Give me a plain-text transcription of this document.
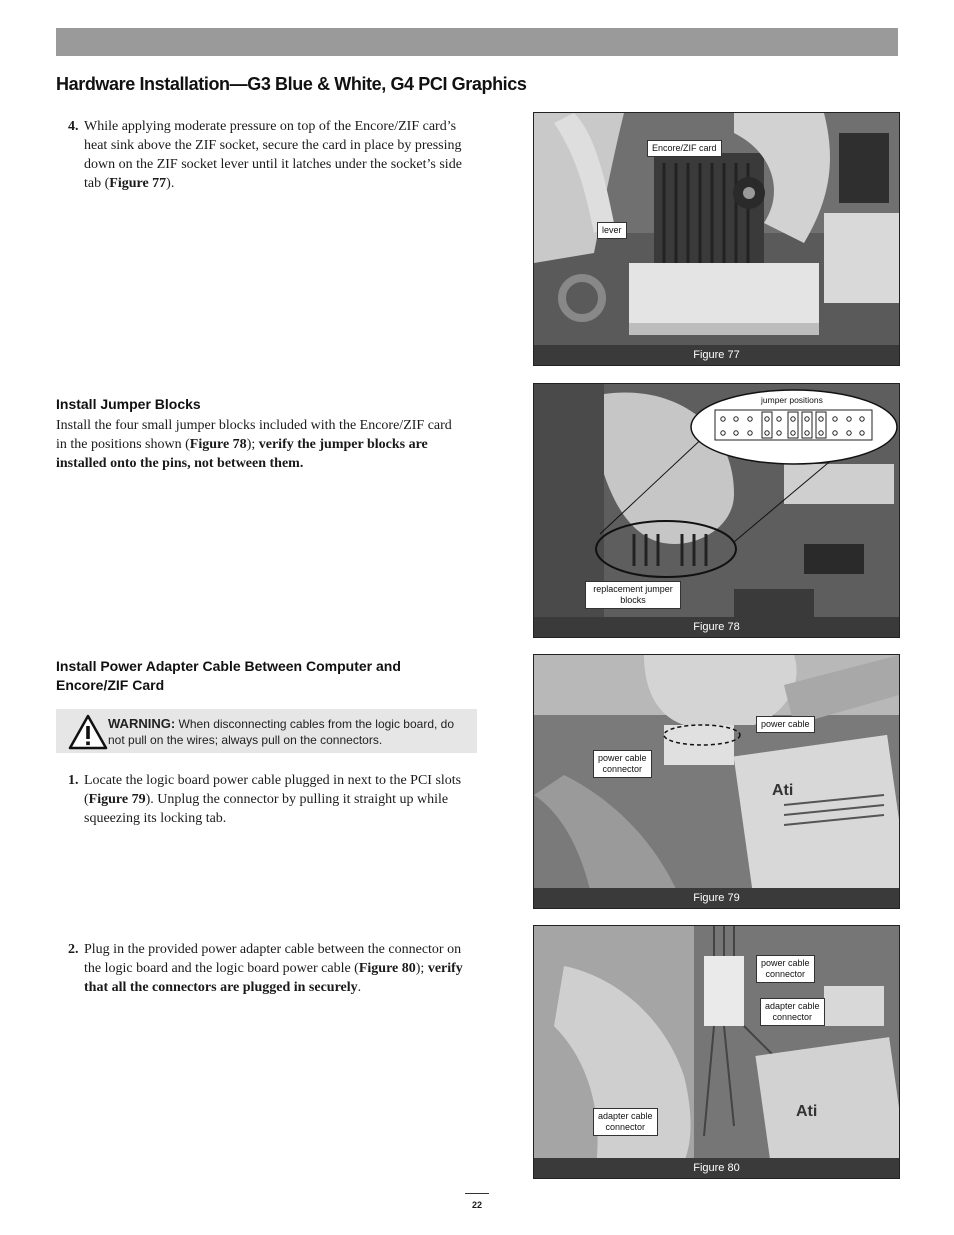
Hardware Installation—G3 Blue & White, G4 PCI Graphics
4. While applying moderate pressure on top of the Encore/ZIF card’s heat sink above the ZIF socket, secure the card in place by pressing down on the ZIF socket lever until it latches under the socket’s side tab (Figure 77).
Install Jumper Blocks

Install the four small jumper blocks included with the Encore/ZIF card in the positions shown (Figure 78); verify the jumper blocks are installed onto the pins, not between them.

Install Power Adapter Cable Between Computer and
Encore/ZIF Card
WARNING: When disconnecting cables from the logic board, do not pull on the wires; always pull on the connectors.
1. Locate the logic board power cable plugged in next to the PCI slots (Figure 79). Unplug the connector by pulling it straight up while squeezing its locking tab.
2. Plug in the provided power adapter cable between the connector on the logic board and the logic board power cable (Figure 80); verify that all the connectors are plugged in securely.
Encore/ZIF card
lever
Figure 77
jumper positions
replacement jumper blocks
Figure 78
Ati
power cable
power cable
connector
Figure 79
Ati
power cable
connector
adapter cable
connector
adapter cable
connector
Figure 80
22
